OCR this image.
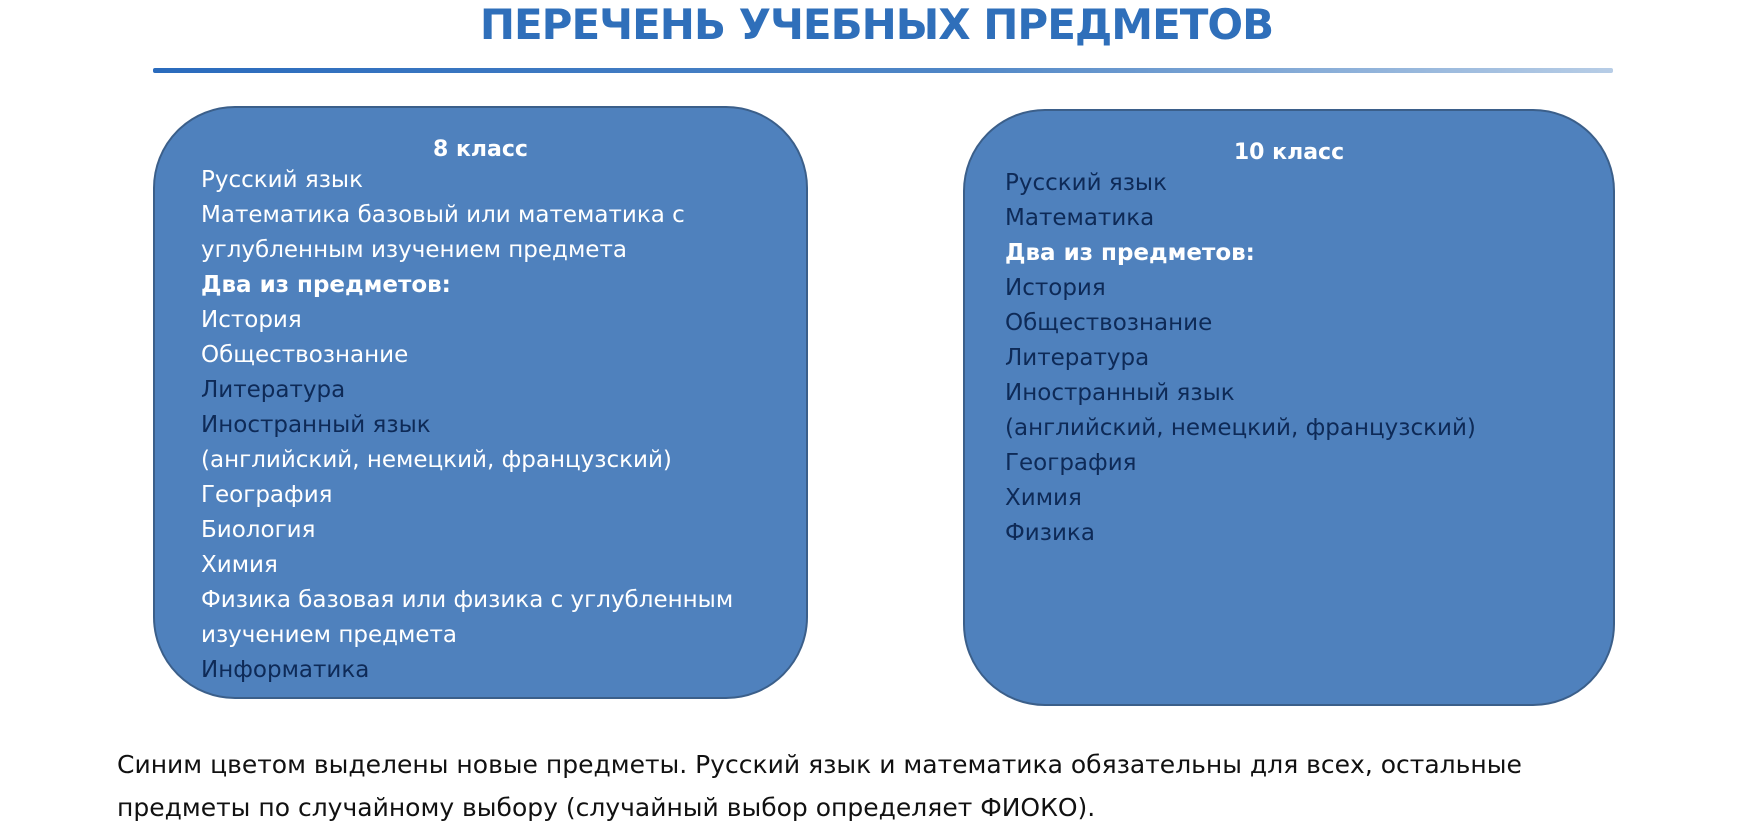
ПЕРЕЧЕНЬ УЧЕБНЫХ ПРЕДМЕТОВ
8 класс
Русский язык
Математика базовый или математика с
углубленным изучением предмета
Два из предметов:
История
Обществознание
Литература
Иностранный язык
(английский, немецкий, французский)
География
Биология
Химия
Физика базовая или физика с углубленным
изучением предмета
Информатика
10 класс
Русский язык
Математика
Два из предметов:
История
Обществознание
Литература
Иностранный язык
(английский, немецкий, французский)
География
Химия
Физика
Синим цветом выделены новые предметы. Русский язык и математика обязательны для всех, остальные
предметы по случайному выбору (случайный выбор определяет ФИОКО).
